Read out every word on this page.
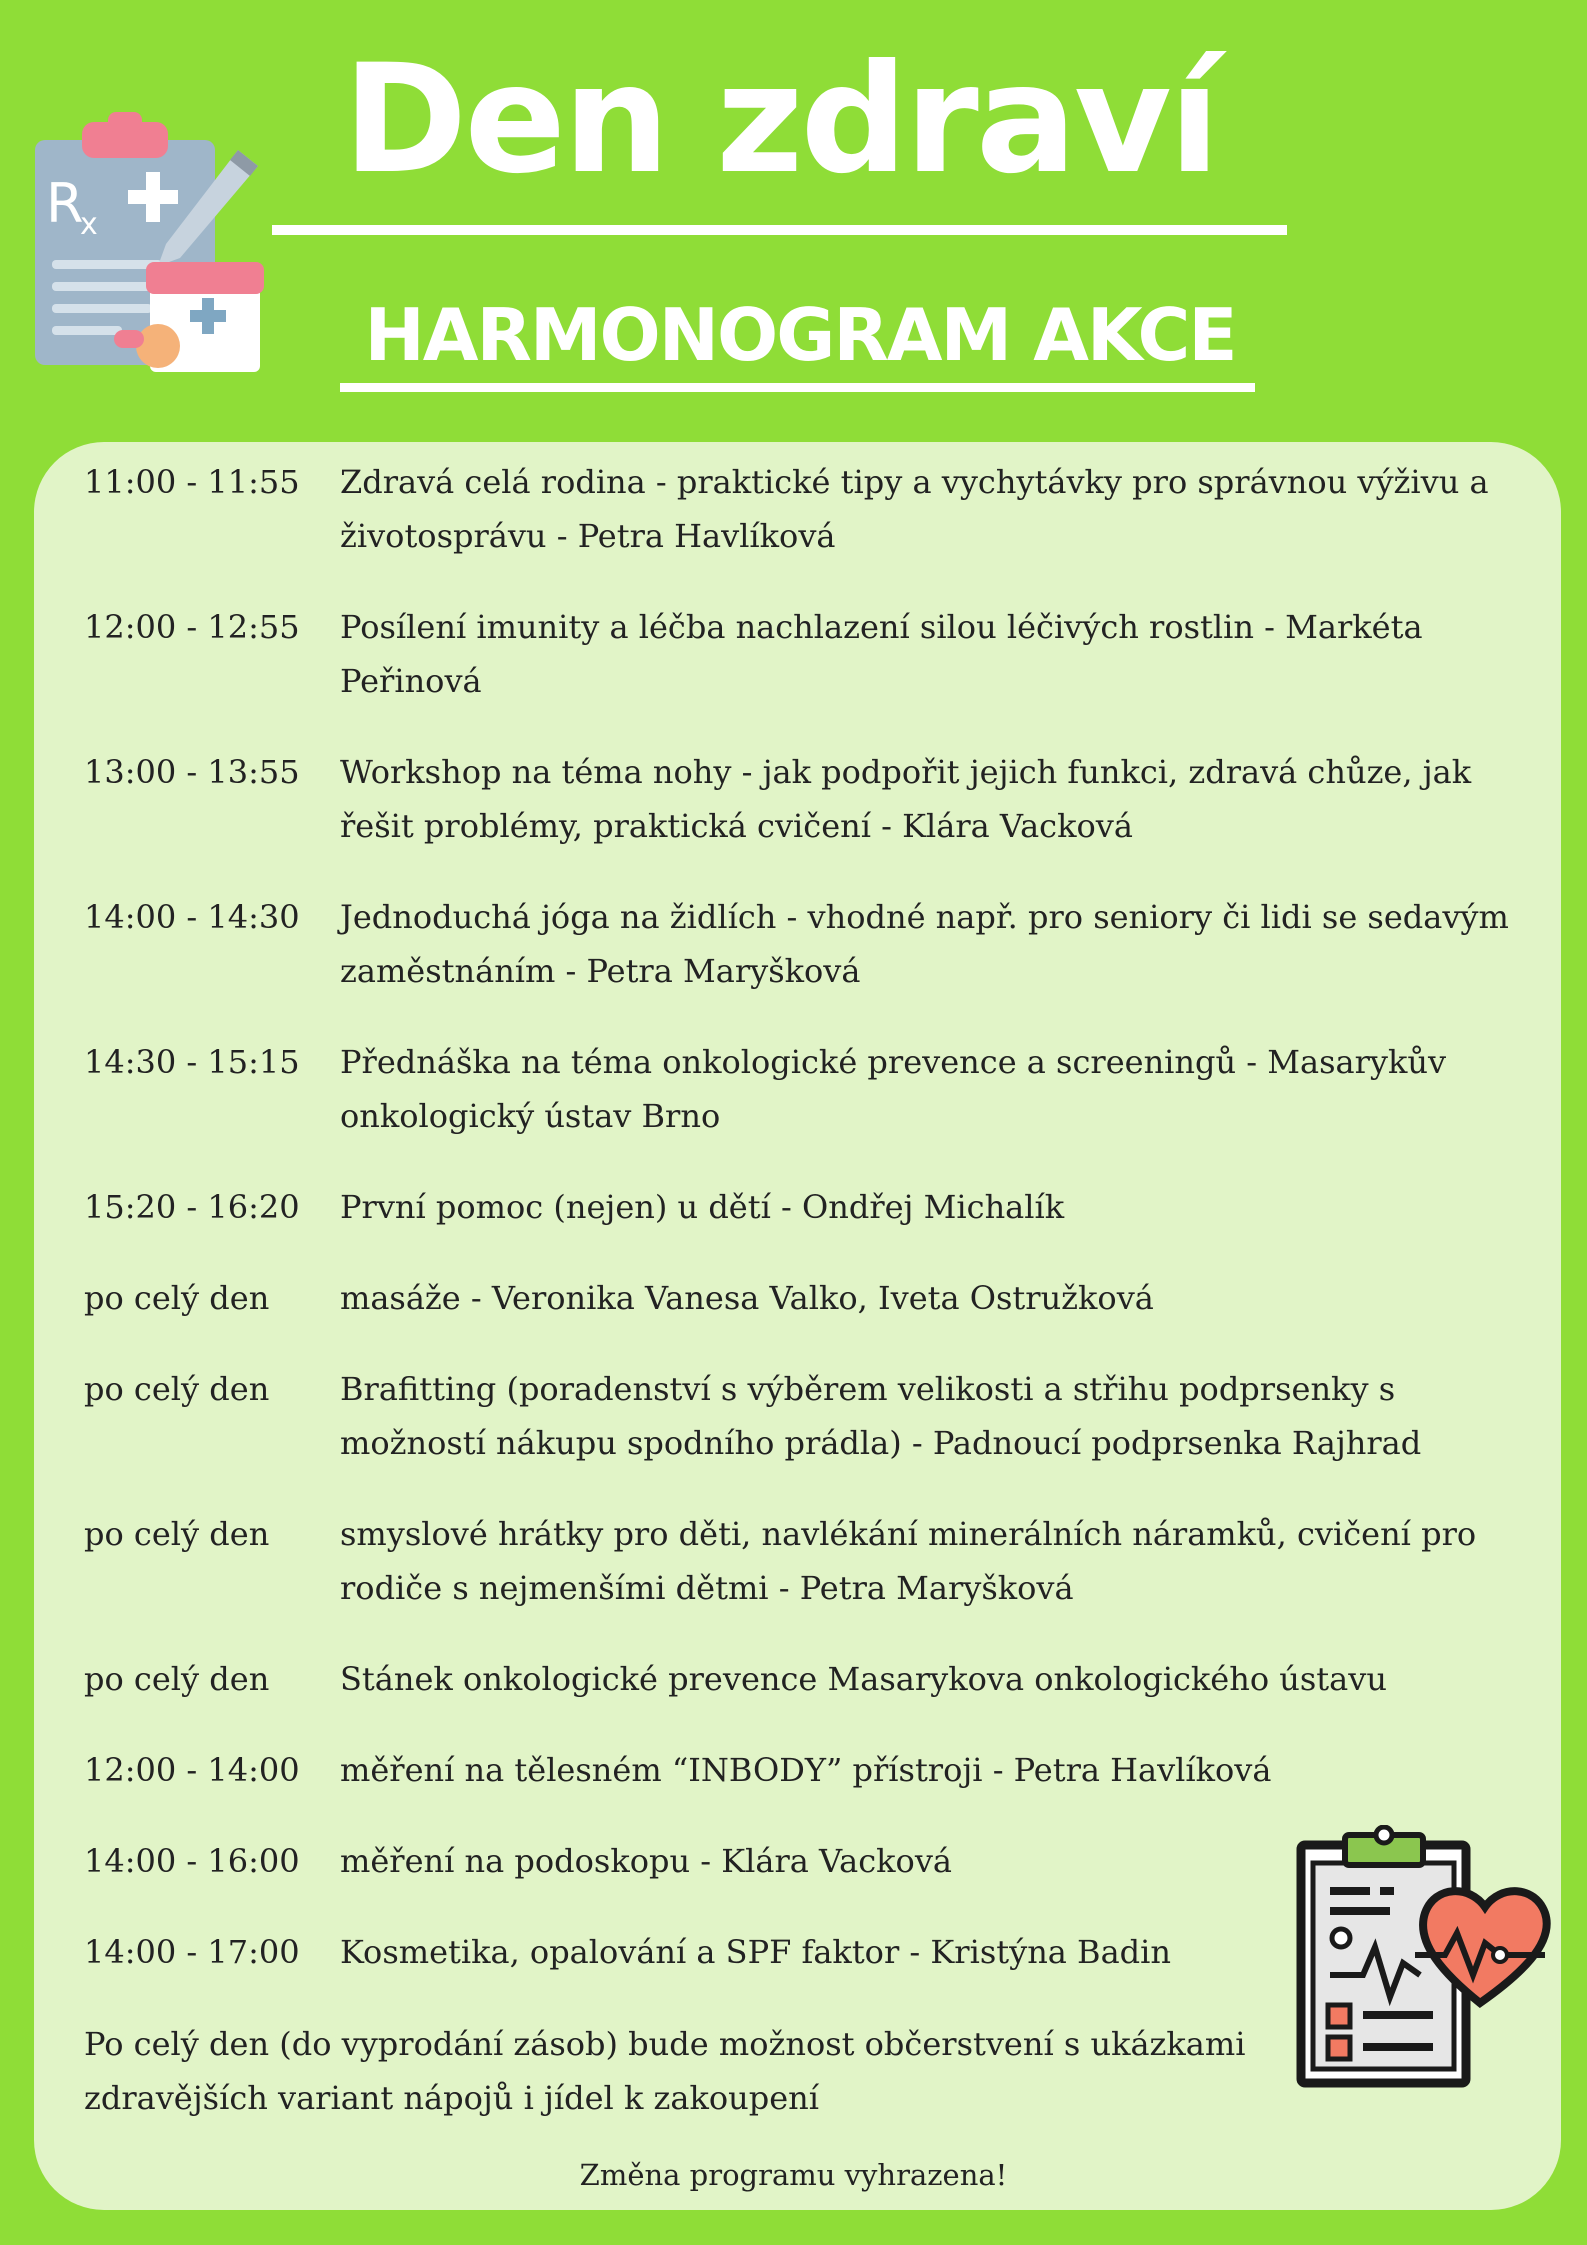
R
x
Den zdraví
HARMONOGRAM AKCE
11:00 - 11:55	Zdravá celá rodina - praktické tipy a vychytávky pro správnou výživu a životosprávu - Petra Havlíková
12:00 - 12:55	Posílení imunity a léčba nachlazení silou léčivých rostlin - Markéta Peřinová
13:00 - 13:55	Workshop na téma nohy - jak podpořit jejich funkci, zdravá chůze, jak řešit problémy, praktická cvičení - Klára Vacková
14:00 - 14:30	Jednoduchá jóga na židlích - vhodné např. pro seniory či lidi se sedavým zaměstnáním - Petra Maryšková
14:30 - 15:15	Přednáška na téma onkologické prevence a screeningů - Masarykův onkologický ústav Brno
15:20 - 16:20	První pomoc (nejen) u dětí - Ondřej Michalík
po celý den	masáže - Veronika Vanesa Valko, Iveta Ostružková
po celý den	Brafitting (poradenství s výběrem velikosti a střihu podprsenky s možností nákupu spodního prádla) - Padnoucí podprsenka Rajhrad
po celý den	smyslové hrátky pro děti, navlékání minerálních náramků, cvičení pro rodiče s nejmenšími dětmi - Petra Maryšková
po celý den	Stánek onkologické prevence Masarykova onkologického ústavu
12:00 - 14:00	měření na tělesném “INBODY” přístroji - Petra Havlíková
14:00 - 16:00	měření na podoskopu - Klára Vacková
14:00 - 17:00	Kosmetika, opalování a SPF faktor - Kristýna Badin

Po celý den (do vyprodání zásob) bude možnost občerstvení s ukázkami zdravějších variant nápojů i jídel k zakoupení

Změna programu vyhrazena!
